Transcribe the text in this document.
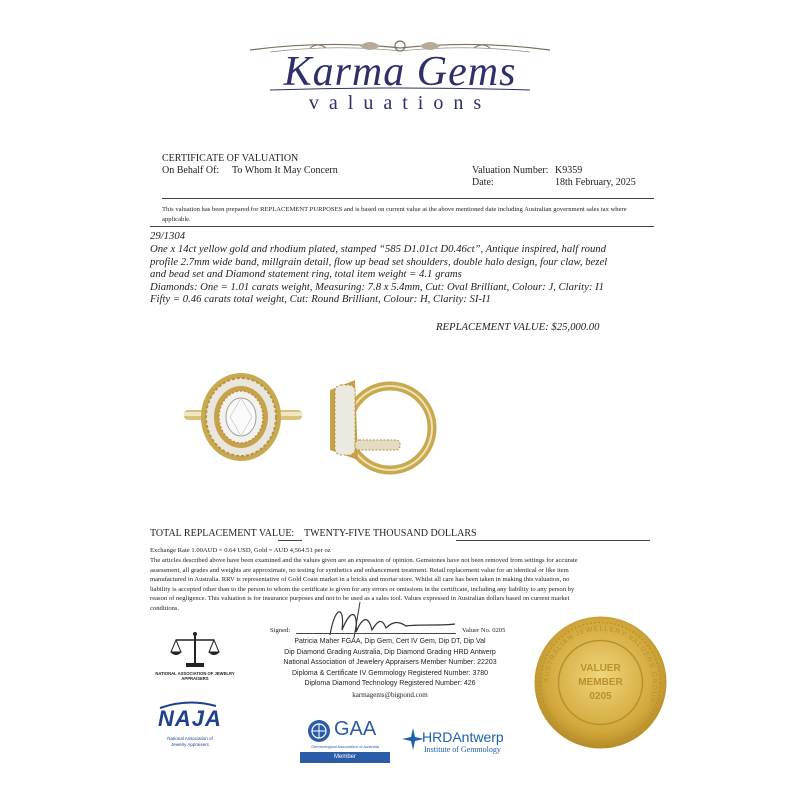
Karma Gems
valuations
CERTIFICATE OF VALUATION
On Behalf Of: To Whom It May Concern	Valuation Number: K9359
Date:	18th February, 2025
This valuation has been prepared for REPLACEMENT PURPOSES and is based on current value at the above mentioned date including Australian government sales tax where applicable.
29/1304
One x 14ct yellow gold and rhodium plated, stamped “585 D1.01ct D0.46ct”, Antique inspired, half round
profile 2.7mm wide band, millgrain detail, flow up bead set shoulders, double halo design, four claw, bezel
and bead set and Diamond statement ring, total item weight = 4.1 grams
Diamonds: One = 1.01 carats weight, Measuring: 7.8 x 5.4mm, Cut: Oval Brilliant, Colour: J, Clarity: I1
Fifty = 0.46 carats total weight, Cut: Round Brilliant, Colour: H, Clarity: SI-I1
REPLACEMENT VALUE: $25,000.00
TOTAL REPLACEMENT VALUE: TWENTY-FIVE THOUSAND DOLLARS
Exchange Rate 1.00AUD = 0.64 USD, Gold = AUD 4,564.51 per oz
The articles described above have been examined and the values given are an expression of opinion. Gemstones have not been removed from settings for accurate
assessment, all grades and weights are approximate, no testing for synthetics and enhancement treatment. Retail replacement value for an identical or like item
manufactured in Australia. RRV is representative of Gold Coast market in a bricks and mortar store. Whilst all care has been taken in making this valuation, no
liability is accepted other than to the person to whom the certificate is given for any errors or omissions in the certificate, including any liability to any person by
reason of negligence. This valuation is for insurance purposes and not to be used as a sales tool. Values expressed in Australian dollars based on current market
conditions.
Signed:	Valuer No. 0205
Patricia Maher FGAA, Dip Gem, Cert IV Gem, Dip DT, Dip Val
Dip Diamond Grading Australia, Dip Diamond Grading HRD Antwerp
National Association of Jewelery Appraisers Member Number: 22203
Diploma & Certificate IV Gemmology Registered Number: 3780
Diploma Diamond Technology Registered Number: 426
karmagems@bigpond.com
NATIONAL ASSOCIATION OF JEWELRY APPRAISERS
NAJA
National Association of Jewelry Appraisers
GAA
Gemmological Association of Australia
Member
HRDAntwerp
Institute of Gemmology
AUSTRALIAN JEWELLERY VALUERS GROUP
VALUER
MEMBER
0205
